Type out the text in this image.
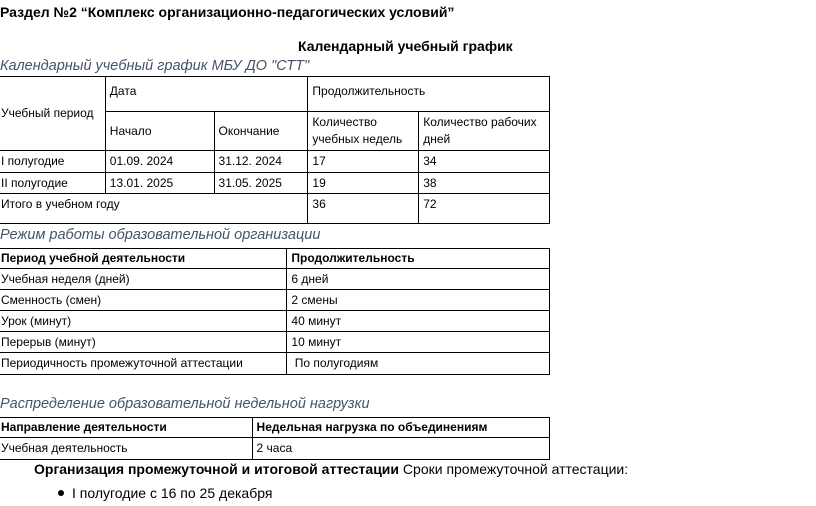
Раздел №2 “Комплекс организационно-педагогических условий”
Календарный учебный график
Календарный учебный график МБУ ДО "СТТ"
Учебный период	Дата		Продолжительность	
	Начало	Окончание	Количество учебных недель	Количество рабочих дней
I полугодие	01.09. 2024	31.12. 2024	17	34
II полугодие	13.01. 2025	31.05. 2025	19	38
Итого в учебном году			36	72
Режим работы образовательной организации
Период учебной деятельности	Продолжительность
Учебная неделя (дней)	6 дней
Сменность (смен)	2 смены
Урок (минут)	40 минут
Перерыв (минут)	10 минут
Периодичность промежуточной аттестации	По полугодиям
Распределение образовательной недельной нагрузки
Направление деятельности	Недельная нагрузка по объединениям
Учебная деятельность	2 часа
Организация промежуточной и итоговой аттестации Сроки промежуточной аттестации:
I полугодие с 16 по 25 декабря
